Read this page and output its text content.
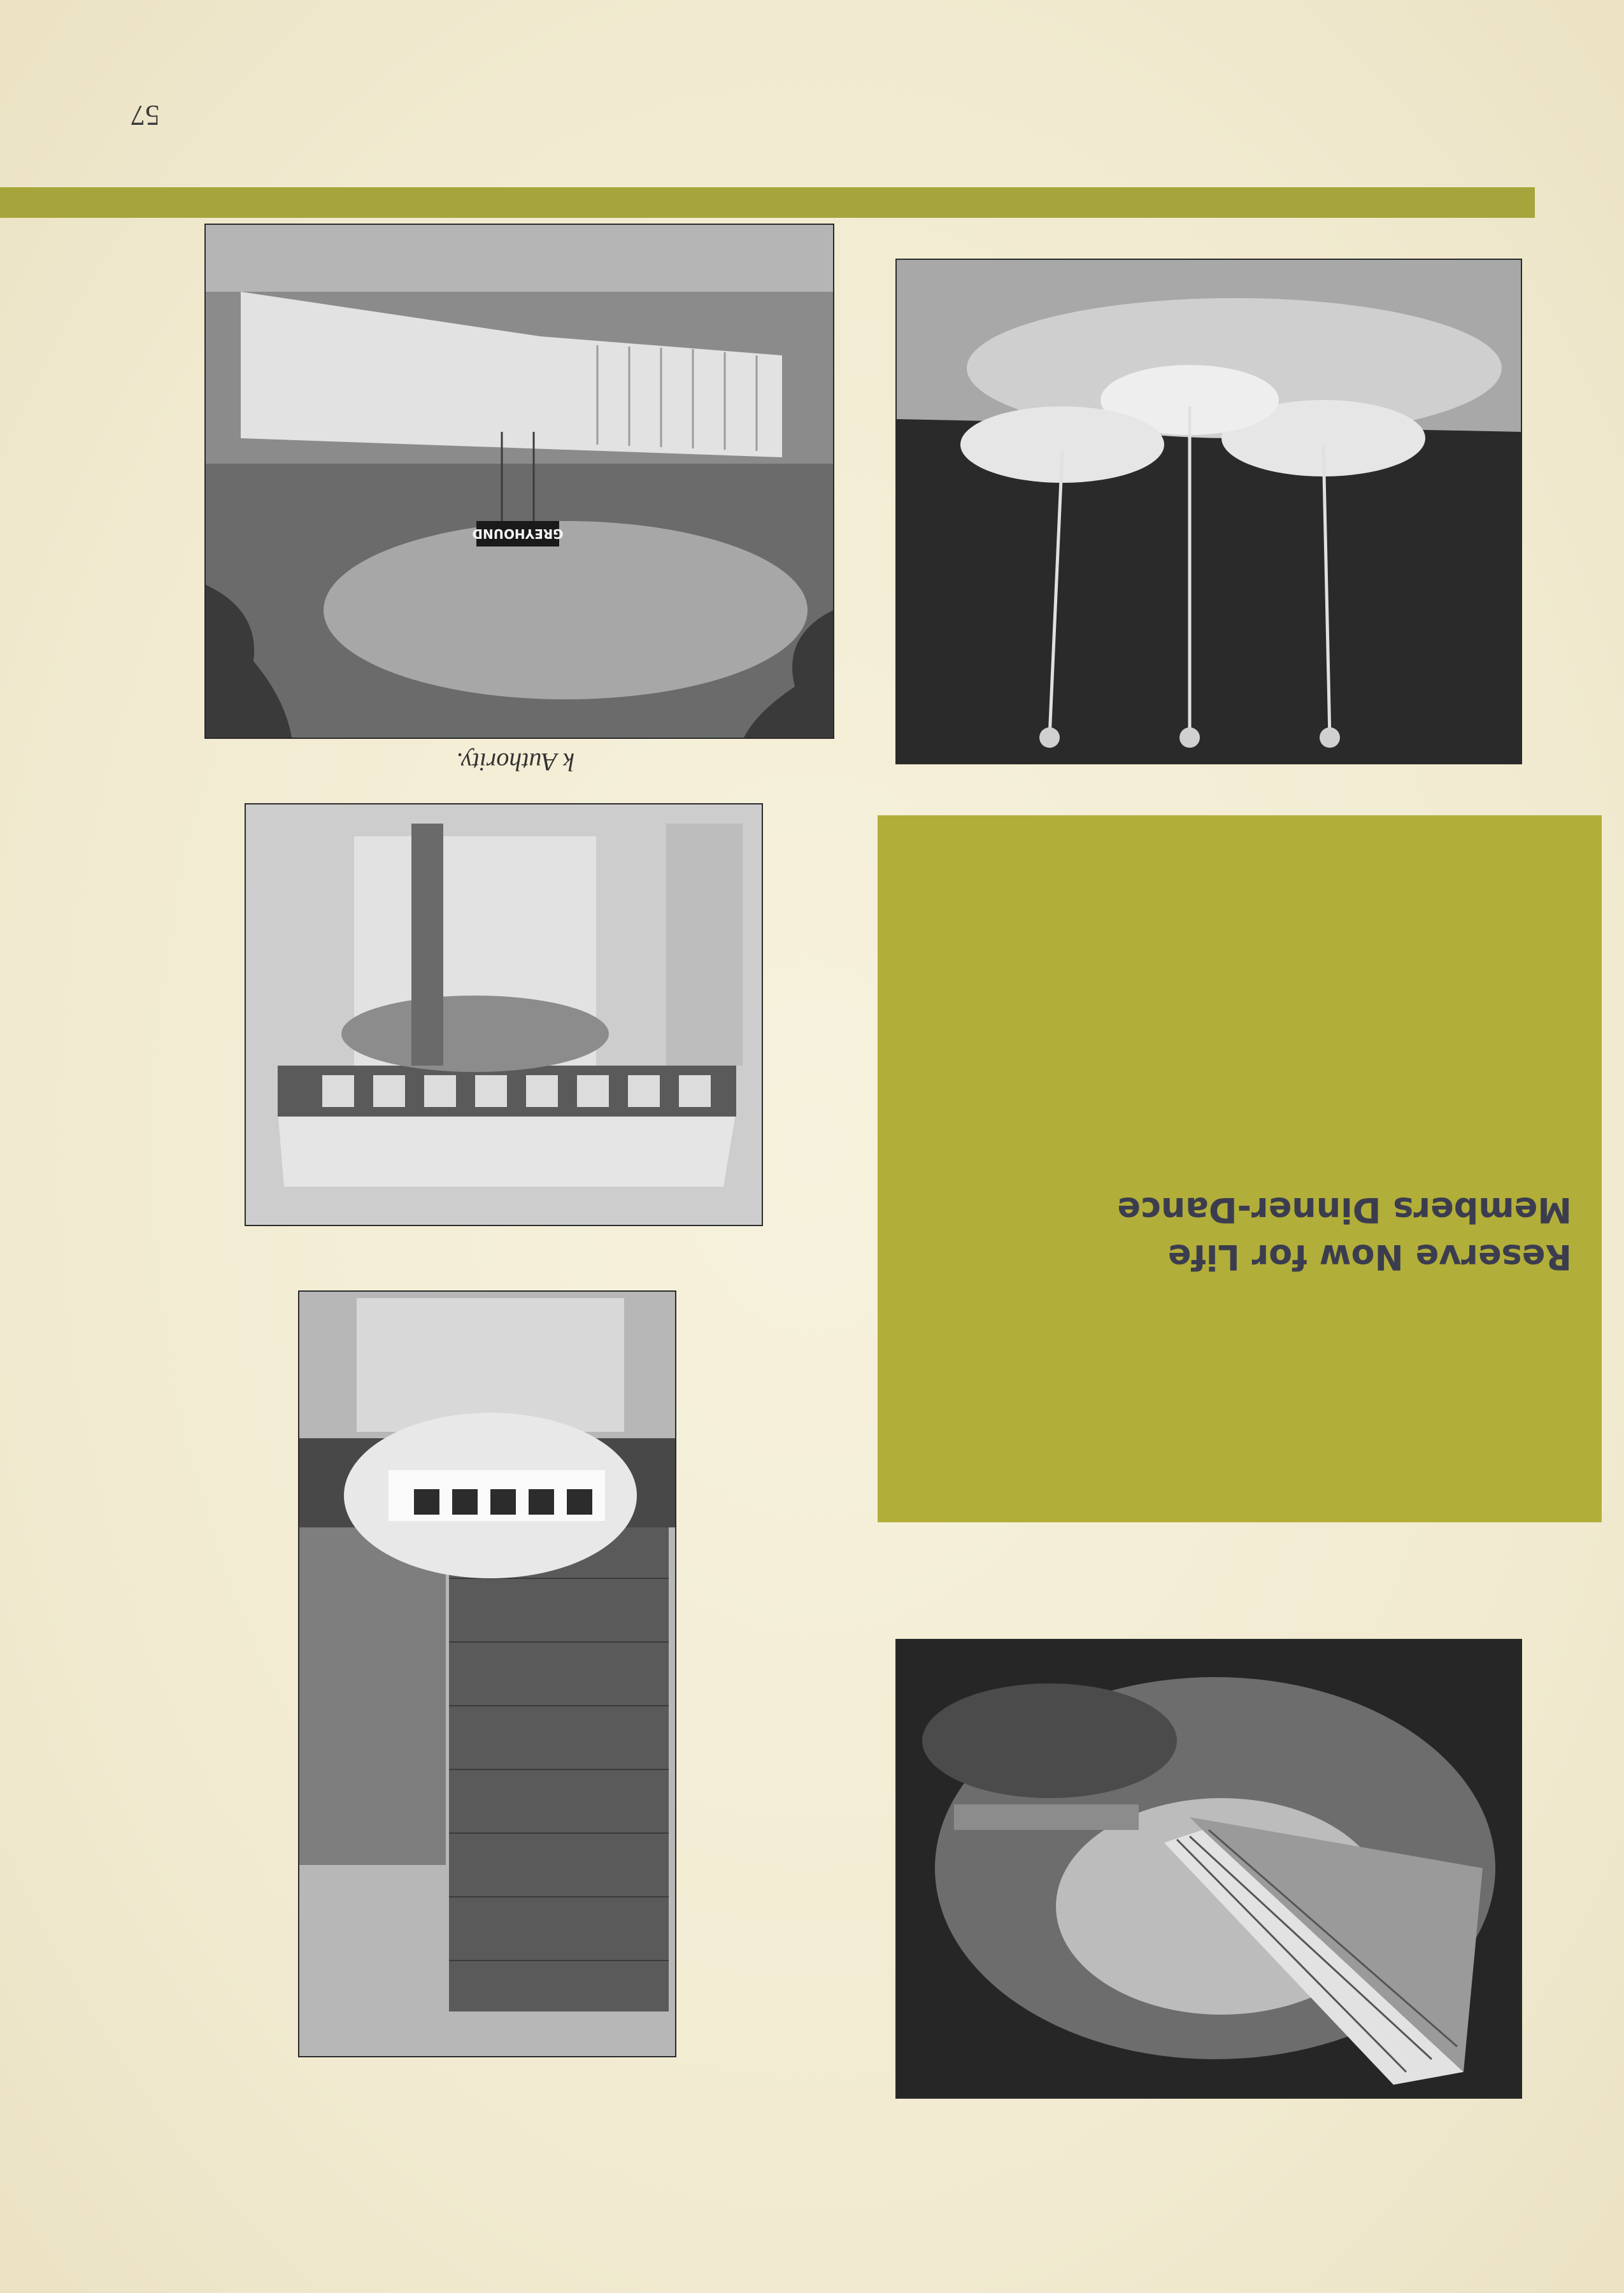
GREYHOUND
Reserve Now for Life
Members Dinner-Dance
k Authority.
57
